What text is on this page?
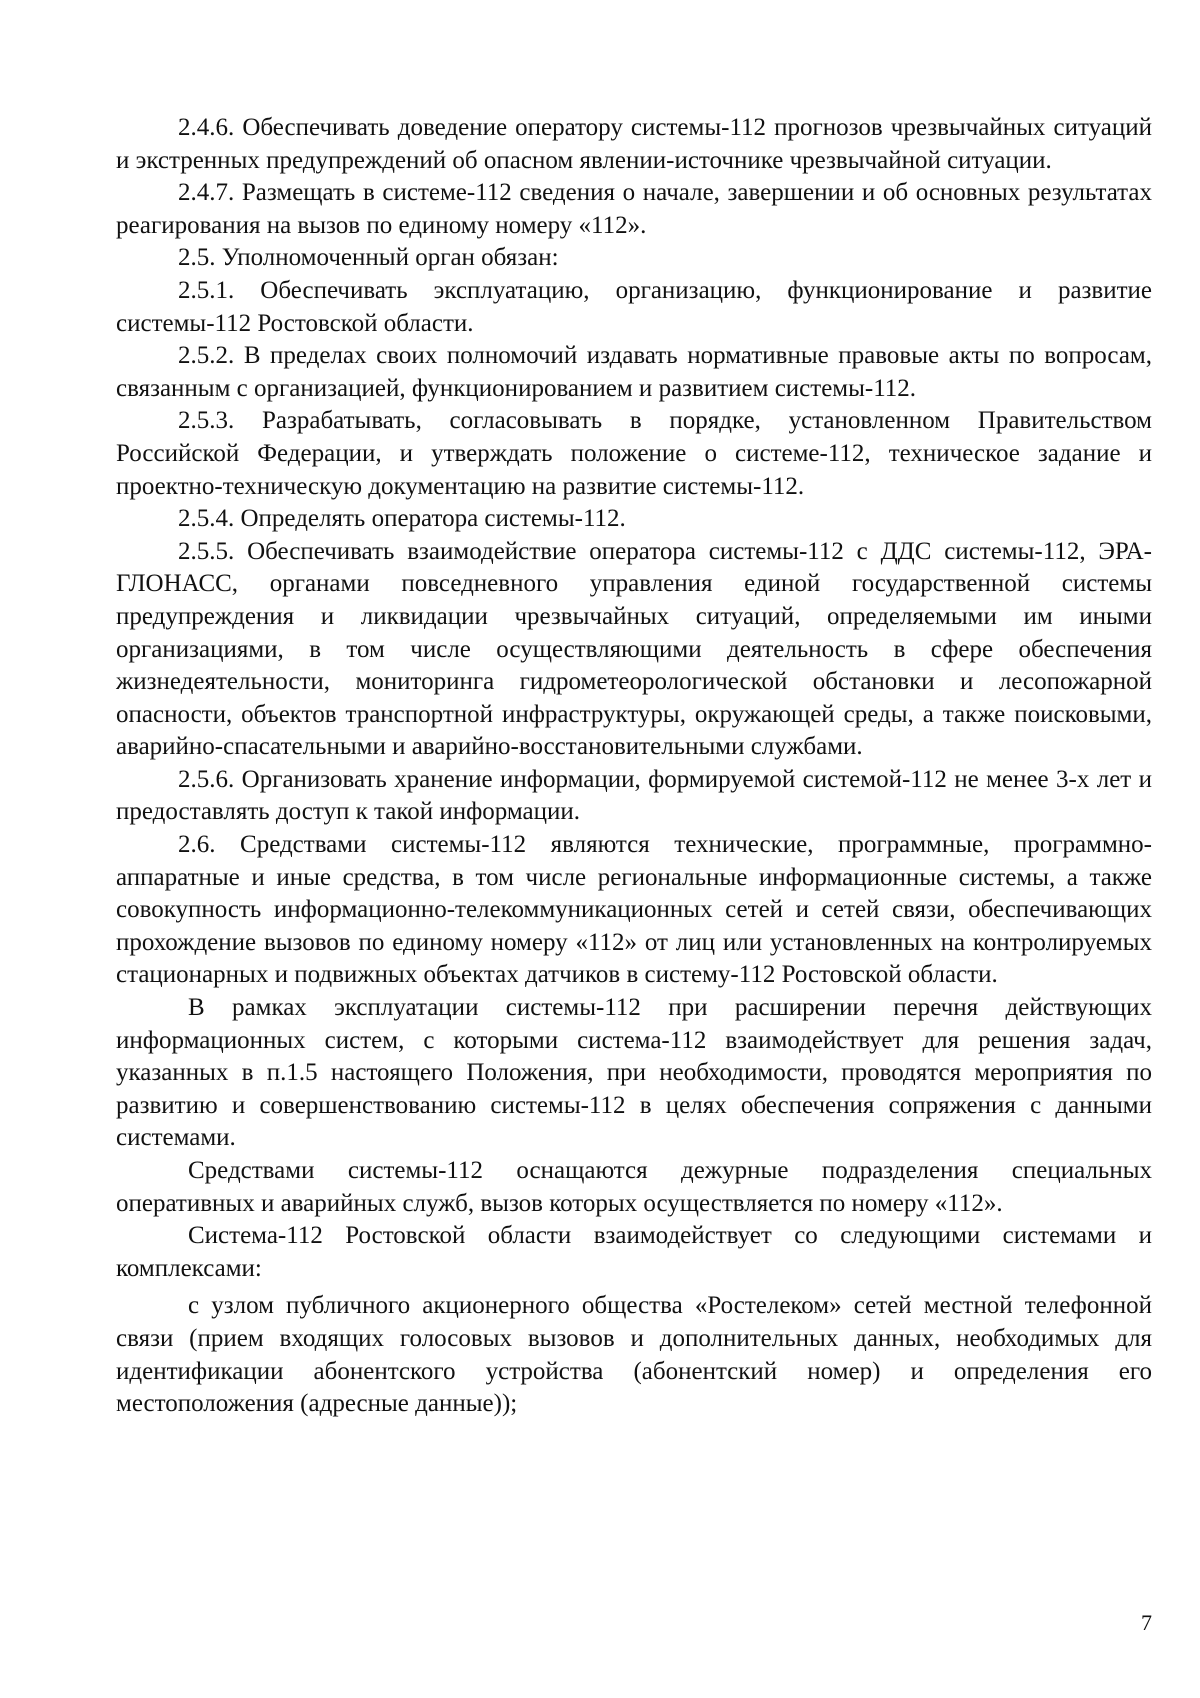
2.4.6. Обеспечивать доведение оператору системы-112 прогнозов чрезвычайных ситуаций и экстренных предупреждений об опасном явлении-источнике чрезвычайной ситуации.

2.4.7. Размещать в системе-112 сведения о начале, завершении и об основных результатах реагирования на вызов по единому номеру «112».

2.5. Уполномоченный орган обязан:

2.5.1. Обеспечивать эксплуатацию, организацию, функционирование и развитие системы-112 Ростовской области.

2.5.2. В пределах своих полномочий издавать нормативные правовые акты по вопросам, связанным с организацией, функционированием и развитием системы-112.

2.5.3. Разрабатывать, согласовывать в порядке, установленном Правительством Российской Федерации, и утверждать положение о системе-112, техническое задание и проектно-техническую документацию на развитие системы-112.

2.5.4. Определять оператора системы-112.

2.5.5. Обеспечивать взаимодействие оператора системы-112 с ДДС системы-112, ЭРА-ГЛОНАСС, органами повседневного управления единой государственной системы предупреждения и ликвидации чрезвычайных ситуаций, определяемыми им иными организациями, в том числе осуществляющими деятельность в сфере обеспечения жизнедеятельности, мониторинга гидрометеорологической обстановки и лесопожарной опасности, объектов транспортной инфраструктуры, окружающей среды, а также поисковыми, аварийно-спасательными и аварийно-восстановительными службами.

2.5.6. Организовать хранение информации, формируемой системой-112 не менее 3-х лет и предоставлять доступ к такой информации.

2.6. Средствами системы-112 являются технические, программные, программно-аппаратные и иные средства, в том числе региональные информационные системы, а также совокупность информационно-телекоммуникационных сетей и сетей связи, обеспечивающих прохождение вызовов по единому номеру «112» от лиц или установленных на контролируемых стационарных и подвижных объектах датчиков в систему-112 Ростовской области.

В рамках эксплуатации системы-112 при расширении перечня действующих информационных систем, с которыми система-112 взаимодействует для решения задач, указанных в п.1.5 настоящего Положения, при необходимости, проводятся мероприятия по развитию и совершенствованию системы-112 в целях обеспечения сопряжения с данными системами.

Средствами системы-112 оснащаются дежурные подразделения специальных оперативных и аварийных служб, вызов которых осуществляется по номеру «112».

Система-112 Ростовской области взаимодействует со следующими системами и комплексами:

с узлом публичного акционерного общества «Ростелеком» сетей местной телефонной связи (прием входящих голосовых вызовов и дополнительных данных, необходимых для идентификации абонентского устройства (абонентский номер) и определения его местоположения (адресные данные));

7
